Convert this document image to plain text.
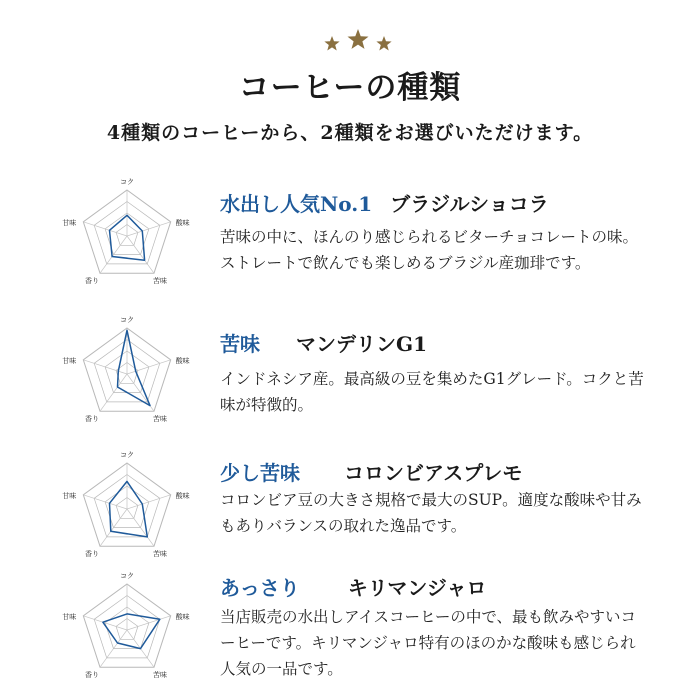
コーヒーの種類
4種類のコーヒーから、2種類をお選びいただけます。
コク
酸味
苦味
香り
甘味
水出し人気No.1 ブラジルショコラ
苦味の中に、ほんのり感じられるビターチョコレートの味。ストレートで飲んでも楽しめるブラジル産珈琲です。
コク
酸味
苦味
香り
甘味
苦味 マンデリンG1
インドネシア産。最高級の豆を集めたG1グレード。コクと苦味が特徴的。
コク
酸味
苦味
香り
甘味
少し苦味 コロンビアスプレモ
コロンビア豆の大きさ規格で最大のSUP。適度な酸味や甘みもありバランスの取れた逸品です。
コク
酸味
苦味
香り
甘味
あっさり キリマンジャロ
当店販売の水出しアイスコーヒーの中で、最も飲みやすいコーヒーです。キリマンジャロ特有のほのかな酸味も感じられ人気の一品です。
